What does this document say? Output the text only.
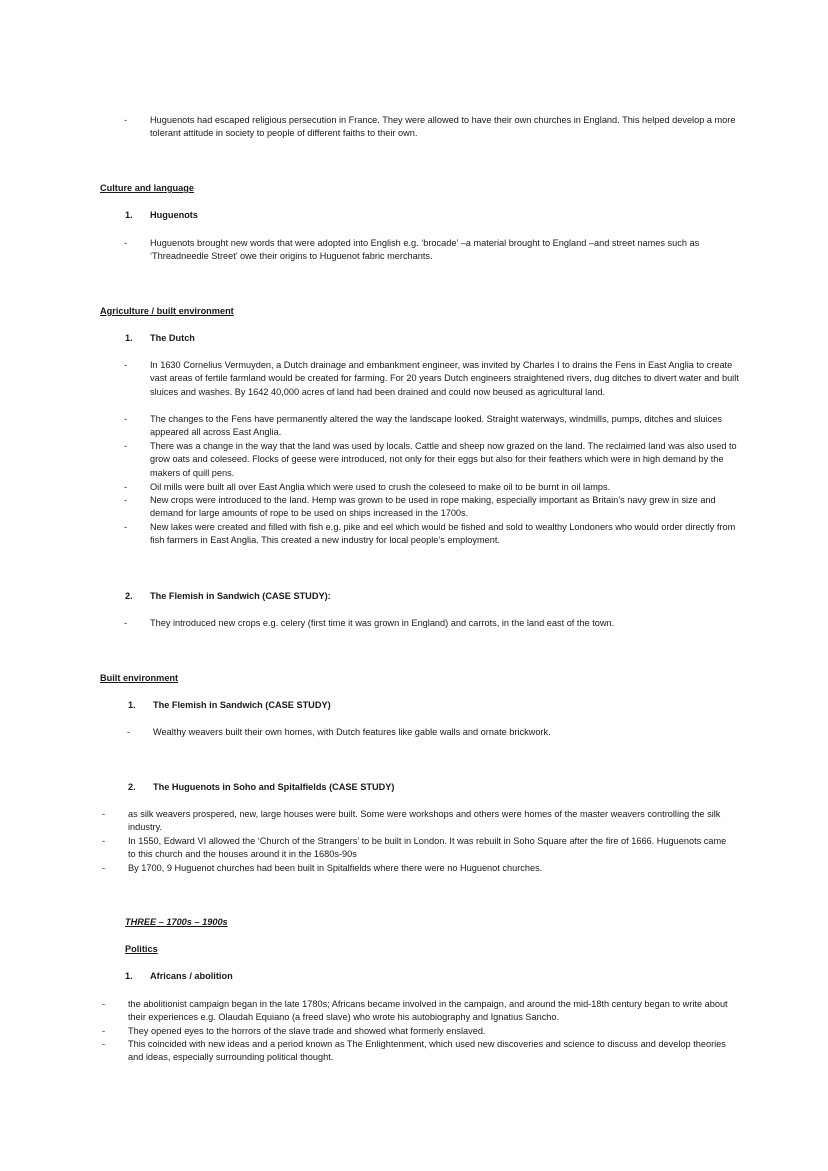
-	Huguenots had escaped religious persecution in France. They were allowed to have their own churches in England. This helped develop a more tolerant attitude in society to people of different faiths to their own.
Culture and language
1. Huguenots
-	Huguenots brought new words that were adopted into English e.g. ‘brocade’ –a material brought to England –and street names such as ‘Threadneedle Street’ owe their origins to Huguenot fabric merchants.
Agriculture / built environment
1. The Dutch
-	In 1630 Cornelius Vermuyden, a Dutch drainage and embankment engineer, was invited by Charles I to drains the Fens in East Anglia to create vast areas of fertile farmland would be created for farming. For 20 years Dutch engineers straightened rivers, dug ditches to divert water and built sluices and washes. By 1642 40,000 acres of land had been drained and could now beused as agricultural land.
-	The changes to the Fens have permanently altered the way the landscape looked. Straight waterways, windmills, pumps, ditches and sluices appeared all across East Anglia.
-	There was a change in the way that the land was used by locals. Cattle and sheep now grazed on the land. The reclaimed land was also used to grow oats and coleseed. Flocks of geese were introduced, not only for their eggs but also for their feathers which were in high demand by the makers of quill pens.
-	Oil mills were built all over East Anglia which were used to crush the coleseed to make oil to be burnt in oil lamps.
-	New crops were introduced to the land. Hemp was grown to be used in rope making, especially important as Britain’s navy grew in size and demand for large amounts of rope to be used on ships increased in the 1700s.
-	New lakes were created and filled with fish e.g. pike and eel which would be fished and sold to wealthy Londoners who would order directly from fish farmers in East Anglia. This created a new industry for local people’s employment.
2. The Flemish in Sandwich (CASE STUDY):
-	They introduced new crops e.g. celery (first time it was grown in England) and carrots, in the land east of the town.
Built environment
1. The Flemish in Sandwich (CASE STUDY)
-	Wealthy weavers built their own homes, with Dutch features like gable walls and ornate brickwork.
2. The Huguenots in Soho and Spitalfields (CASE STUDY)
-	as silk weavers prospered, new, large houses were built. Some were workshops and others were homes of the master weavers controlling the silk industry.
-	In 1550, Edward VI allowed the ‘Church of the Strangers’ to be built in London. It was rebuilt in Soho Square after the fire of 1666. Huguenots came to this church and the houses around it in the 1680s-90s
-	By 1700, 9 Huguenot churches had been built in Spitalfields where there were no Huguenot churches.
THREE – 1700s – 1900s
Politics
1. Africans / abolition
-	the abolitionist campaign began in the late 1780s; Africans became involved in the campaign, and around the mid-18th century began to write about their experiences e.g. Olaudah Equiano (a freed slave) who wrote his autobiography and Ignatius Sancho.
-	They opened eyes to the horrors of the slave trade and showed what formerly enslaved.
-	This coincided with new ideas and a period known as The Enlightenment, which used new discoveries and science to discuss and develop theories and ideas, especially surrounding political thought.
